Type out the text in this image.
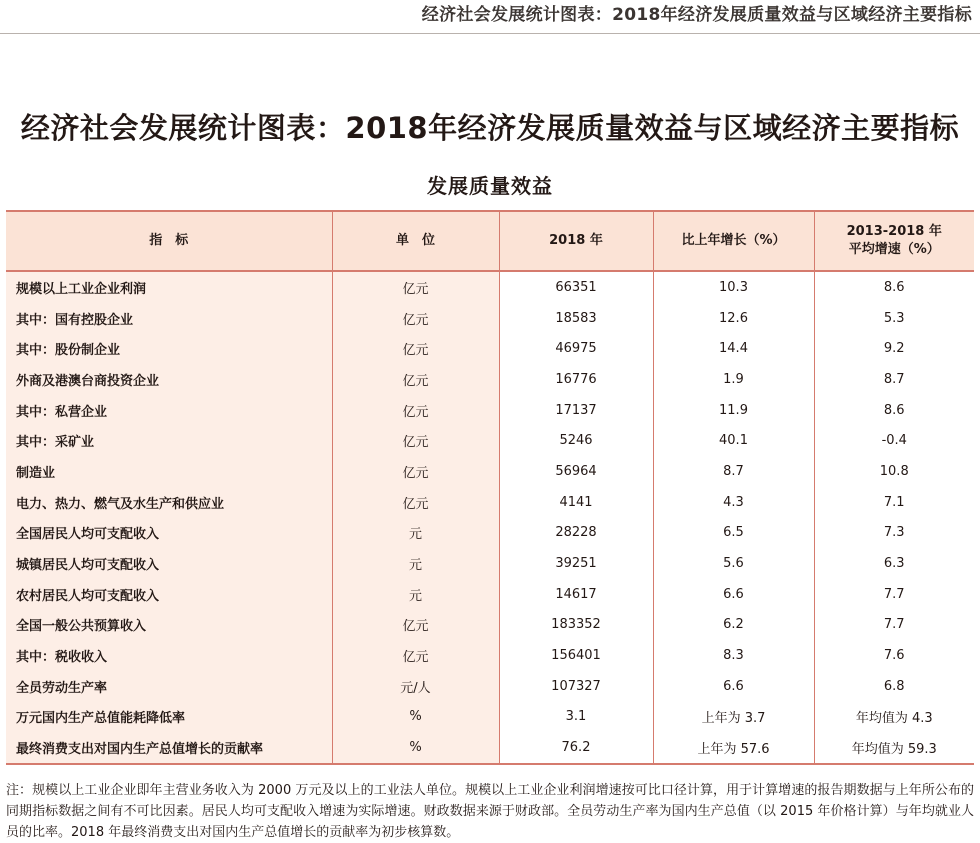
经济社会发展统计图表：2018年经济发展质量效益与区域经济主要指标
经济社会发展统计图表：2018年经济发展质量效益与区域经济主要指标
发展质量效益
指　标	单　位	2018 年	比上年增长（%）	2013-2018 年
平均增速（%）

规模以上工业企业利润	亿元	66351	10.3	8.6
其中：国有控股企业	亿元	18583	12.6	5.3
其中：股份制企业	亿元	46975	14.4	9.2
外商及港澳台商投资企业	亿元	16776	1.9	8.7
其中：私营企业	亿元	17137	11.9	8.6
其中：采矿业	亿元	5246	40.1	-0.4
制造业	亿元	56964	8.7	10.8
电力、热力、燃气及水生产和供应业	亿元	4141	4.3	7.1
全国居民人均可支配收入	元	28228	6.5	7.3
城镇居民人均可支配收入	元	39251	5.6	6.3
农村居民人均可支配收入	元	14617	6.6	7.7
全国一般公共预算收入	亿元	183352	6.2	7.7
其中：税收收入	亿元	156401	8.3	7.6
全员劳动生产率	元/人	107327	6.6	6.8
万元国内生产总值能耗降低率	%	3.1	上年为 3.7	年均值为 4.3
最终消费支出对国内生产总值增长的贡献率	%	76.2	上年为 57.6	年均值为 59.3
注：规模以上工业企业即年主营业务收入为 2000 万元及以上的工业法人单位。规模以上工业企业利润增速按可比口径计算，用于计算增速的报告期数据与上年所公布的同期指标数据之间有不可比因素。居民人均可支配收入增速为实际增速。财政数据来源于财政部。全员劳动生产率为国内生产总值（以 2015 年价格计算）与年均就业人员的比率。2018 年最终消费支出对国内生产总值增长的贡献率为初步核算数。
